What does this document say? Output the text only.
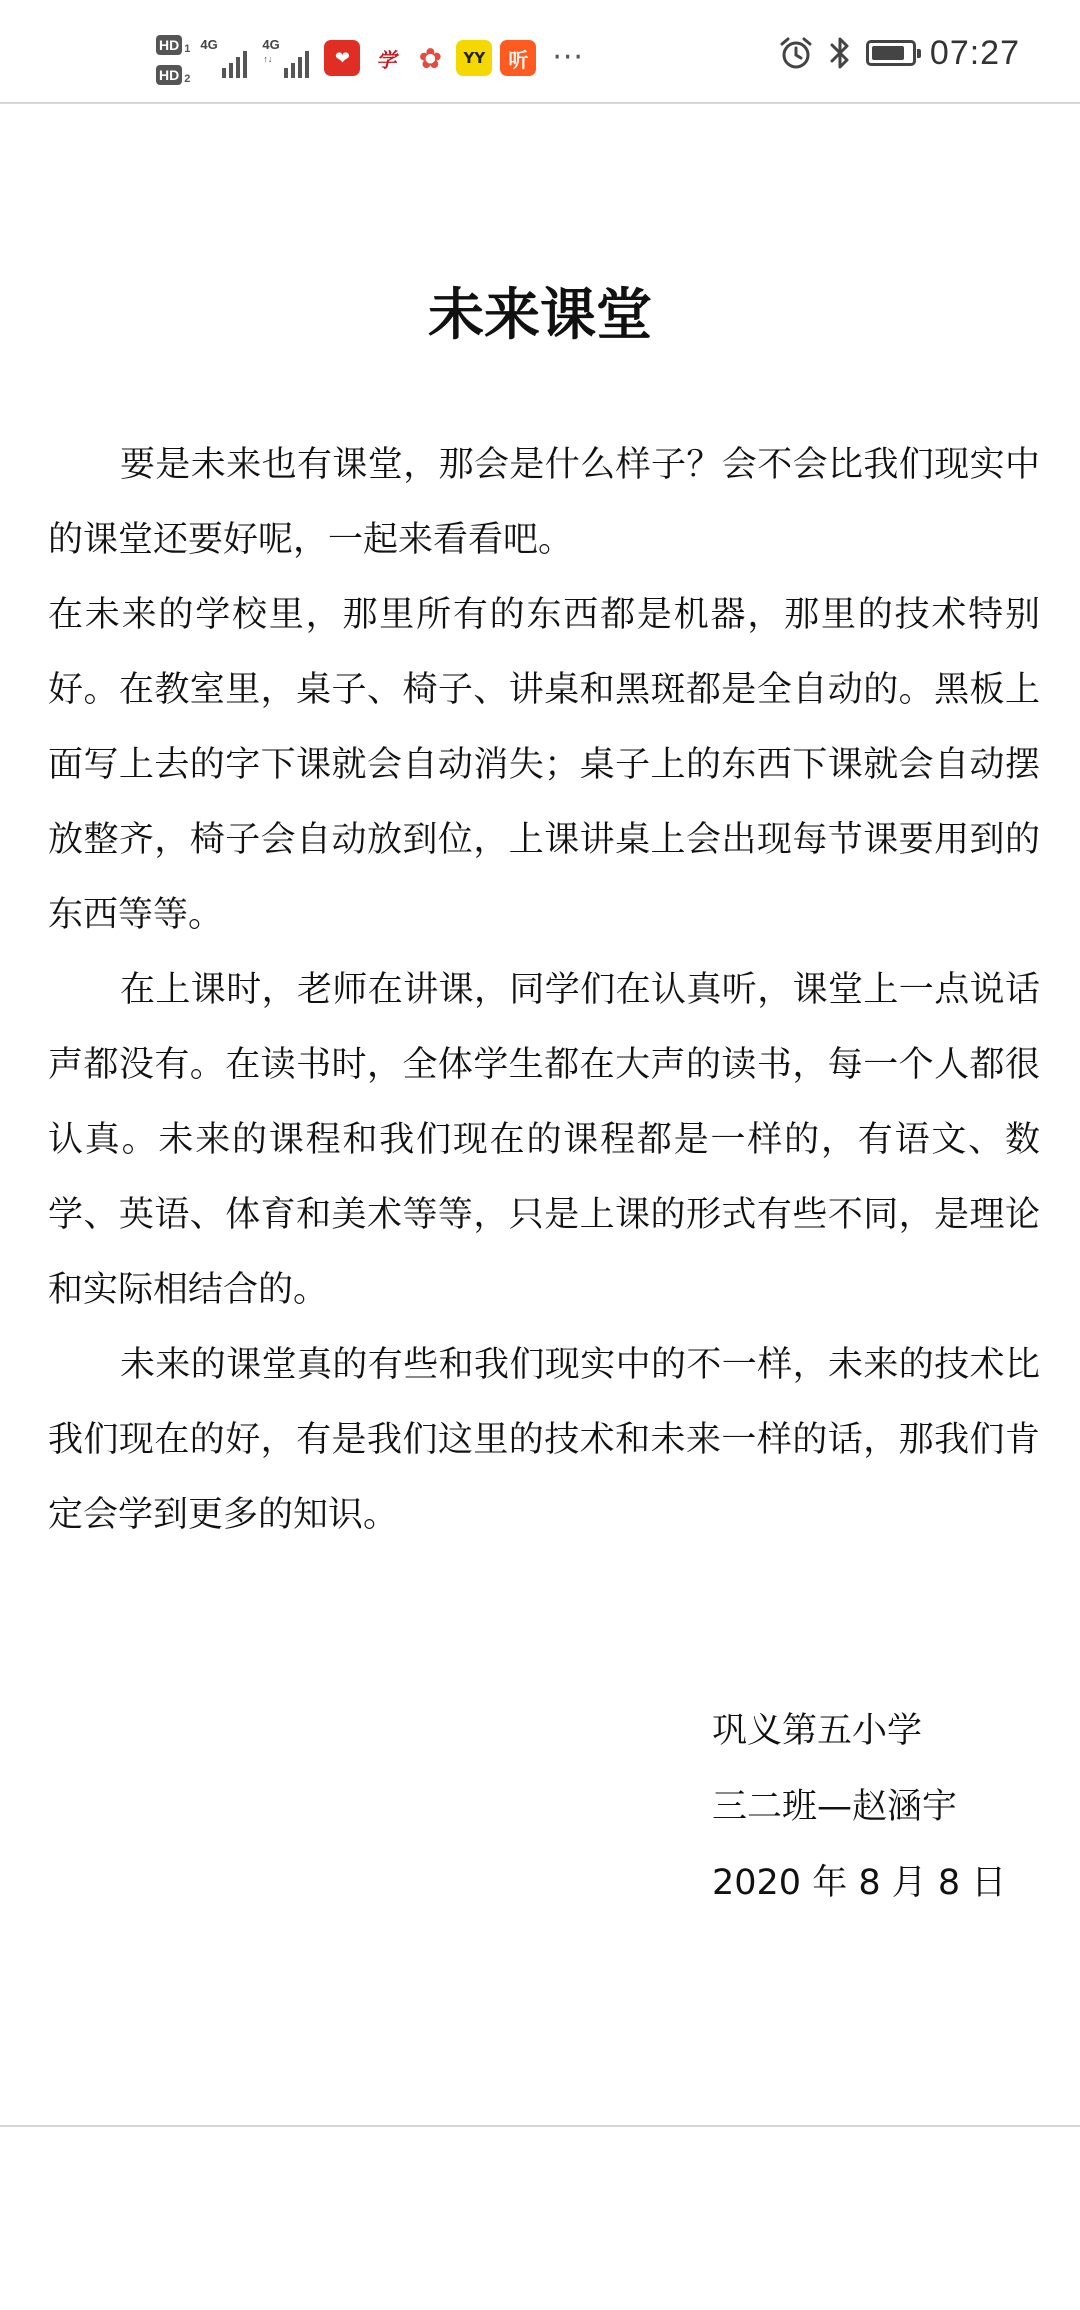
HD 1
HD 2
4G	4G
↑↓	❤ 学 ✿ YY 听 ···	07:27
未来课堂

要是未来也有课堂，那会是什么样子？会不会比我们现实中的课堂还要好呢，一起来看看吧。

在未来的学校里，那里所有的东西都是机器，那里的技术特别好。在教室里，桌子、椅子、讲桌和黑斑都是全自动的。黑板上面写上去的字下课就会自动消失；桌子上的东西下课就会自动摆放整齐，椅子会自动放到位，上课讲桌上会出现每节课要用到的东西等等。

在上课时，老师在讲课，同学们在认真听，课堂上一点说话声都没有。在读书时，全体学生都在大声的读书，每一个人都很认真。未来的课程和我们现在的课程都是一样的，有语文、数学、英语、体育和美术等等，只是上课的形式有些不同，是理论和实际相结合的。

未来的课堂真的有些和我们现实中的不一样，未来的技术比我们现在的好，有是我们这里的技术和未来一样的话，那我们肯定会学到更多的知识。

巩义第五小学
三二班—赵涵宇
2020 年 8 月 8 日
